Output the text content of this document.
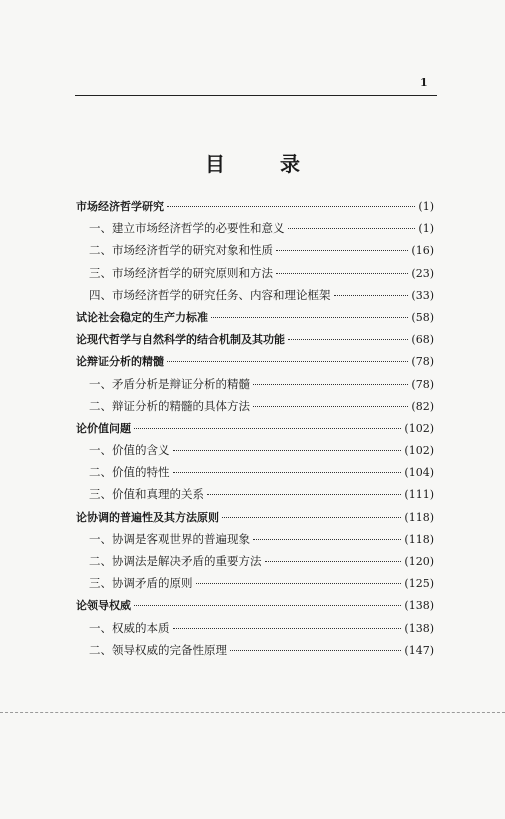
1
目 录
市场经济哲学研究	(1)
一、建立市场经济哲学的必要性和意义	(1)
二、市场经济哲学的研究对象和性质	(16)
三、市场经济哲学的研究原则和方法	(23)
四、市场经济哲学的研究任务、内容和理论框架	(33)
试论社会稳定的生产力标准	(58)
论现代哲学与自然科学的结合机制及其功能	(68)
论辩证分析的精髓	(78)
一、矛盾分析是辩证分析的精髓	(78)
二、辩证分析的精髓的具体方法	(82)
论价值问题	(102)
一、价值的含义	(102)
二、价值的特性	(104)
三、价值和真理的关系	(111)
论协调的普遍性及其方法原则	(118)
一、协调是客观世界的普遍现象	(118)
二、协调法是解决矛盾的重要方法	(120)
三、协调矛盾的原则	(125)
论领导权威	(138)
一、权威的本质	(138)
二、领导权威的完备性原理	(147)
